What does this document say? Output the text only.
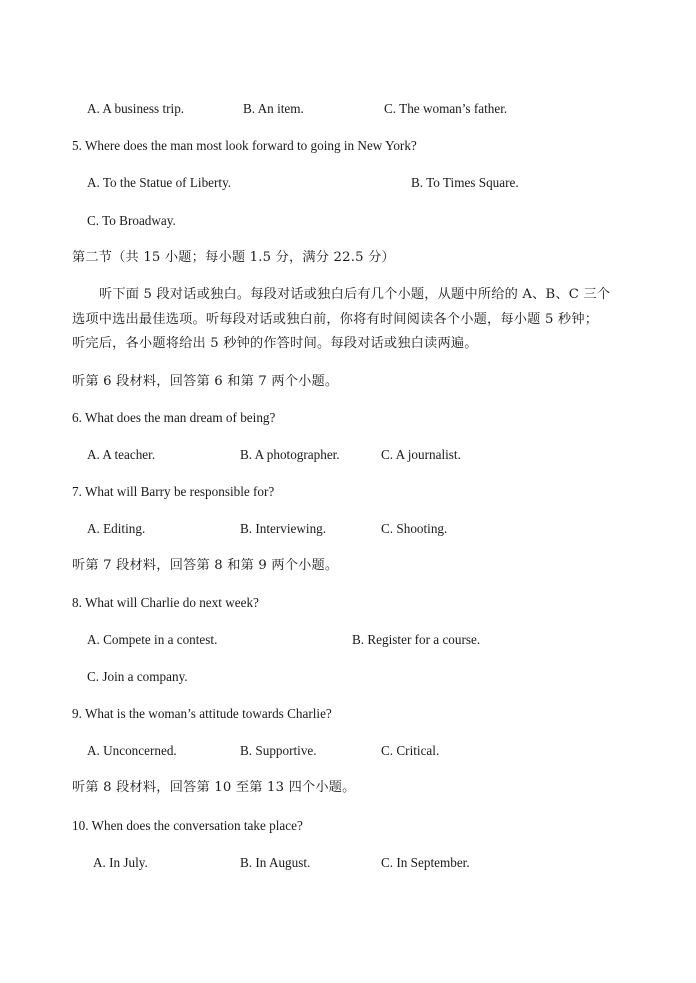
A. A business trip.	B. An item.	C. The woman’s father.
5. Where does the man most look forward to going in New York?
A. To the Statue of Liberty.	B. To Times Square.
C. To Broadway.
第二节（共 15 小题；每小题 1.5 分，满分 22.5 分）
听下面 5 段对话或独白。每段对话或独白后有几个小题，从题中所给的 A、B、C 三个
选项中选出最佳选项。听每段对话或独白前，你将有时间阅读各个小题，每小题 5 秒钟；
听完后，各小题将给出 5 秒钟的作答时间。每段对话或独白读两遍。
听第 6 段材料，回答第 6 和第 7 两个小题。
6. What does the man dream of being?
A. A teacher.	B. A photographer.	C. A journalist.
7. What will Barry be responsible for?
A. Editing.	B. Interviewing.	C. Shooting.
听第 7 段材料，回答第 8 和第 9 两个小题。
8. What will Charlie do next week?
A. Compete in a contest.	B. Register for a course.
C. Join a company.
9. What is the woman’s attitude towards Charlie?
A. Unconcerned.	B. Supportive.	C. Critical.
听第 8 段材料，回答第 10 至第 13 四个小题。
10. When does the conversation take place?
A. In July.	B. In August.	C. In September.
